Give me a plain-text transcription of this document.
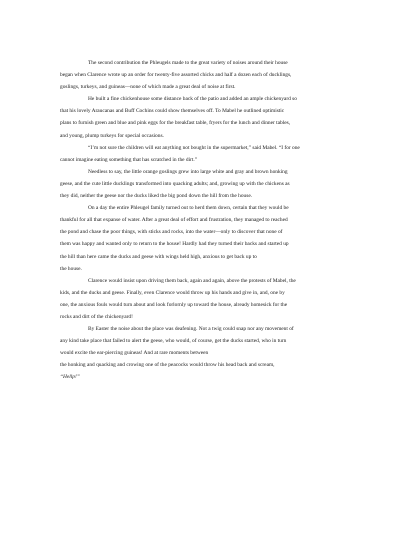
The second contribution the Phleugels made to the great variety of noises around their house
began when Clarence wrote up an order for twenty-five assorted chicks and half a dozen each of ducklings,
goslings, turkeys, and guineas—none of which made a great deal of noise at first.
He built a fine chickenhouse some distance back of the patio and added an ample chickenyard so
that his lovely Araucanas and Buff Cochins could show themselves off. To Mabel he outlined optimistic
plans to furnish green and blue and pink eggs for the breakfast table, fryers for the lunch and dinner tables,
and young, plump turkeys for special occasions.
“I’m not sure the children will eat anything not bought in the supermarket,” said Mabel. “I for one
cannot imagine eating something that has scratched in the dirt.”
Needless to say, the little orange goslings grew into large white and gray and brown honking
geese, and the cute little ducklings transformed into quacking adults; and, growing up with the chickens as
they did, neither the geese nor the ducks liked the big pond down the hill from the house.
On a day the entire Phleugel family turned out to herd them down, certain that they would be
thankful for all that expanse of water. After a great deal of effort and frustration, they managed to reached
the pond and chase the poor things, with sticks and rocks, into the water—only to discover that none of
them was happy and wanted only to return to the house! Hardly had they turned their backs and started up
the hill than here came the ducks and geese with wings held high, anxious to get back up to
the house.
Clarence would insist upon driving them back, again and again, above the protests of Mabel, the
kids, and the ducks and geese. Finally, even Clarence would throw up his hands and give in, and, one by
one, the anxious fouls would turn about and look forlornly up toward the house, already homesick for the
rocks and dirt of the chickenyard!
By Easter the noise about the place was deafening. Not a twig could snap nor any movement of
any kind take place that failed to alert the geese, who would, of course, get the ducks started, who in turn
would excite the ear-piercing guineas! And at rare moments between
the honking and quacking and crowing one of the peacocks would throw his head back and scream,
“Hellp!”
